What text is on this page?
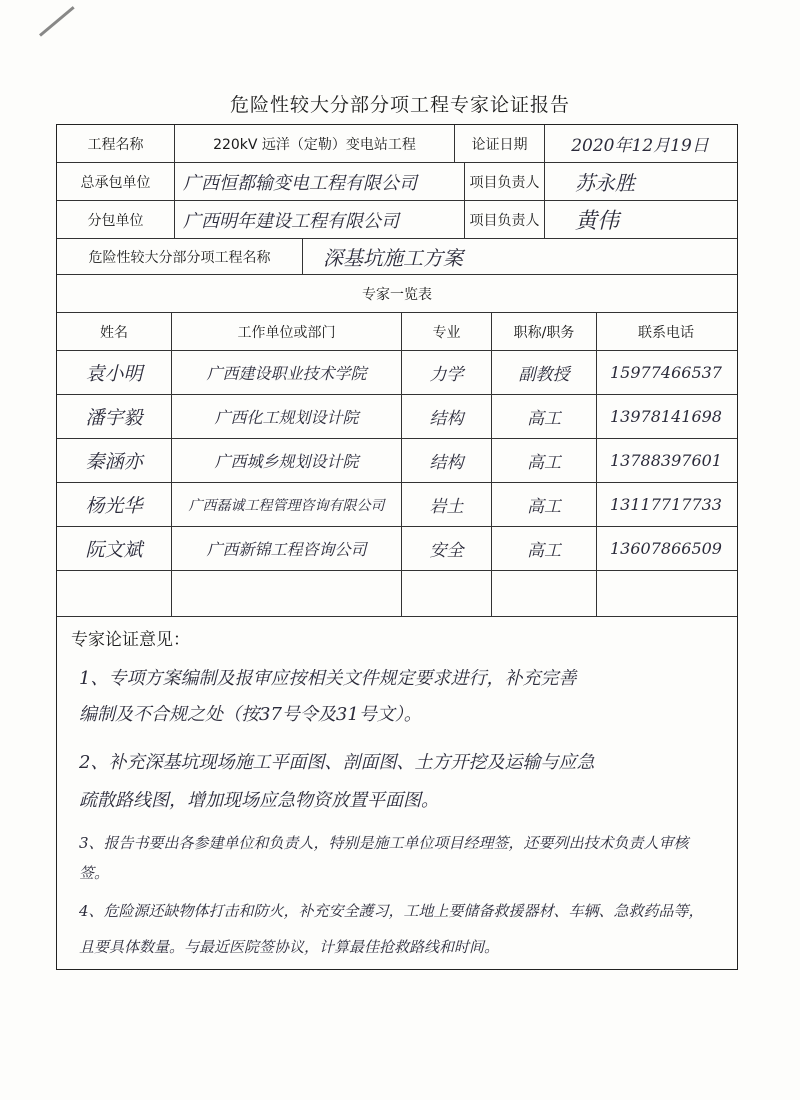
危险性较大分部分项工程专家论证报告
工程名称	220kV 远洋（定勒）变电站工程	论证日期	2020年12月19日
总承包单位	广西恒都输变电工程有限公司	项目负责人 苏永胜
分包单位	广西明年建设工程有限公司	项目负责人 黄伟
危险性较大分部分项工程名称	深基坑施工方案
专家一览表
姓名	工作单位或部门	专业	职称/职务	联系电话
袁小明	广西建设职业技术学院	力学	副教授	15977466537
潘宇毅	广西化工规划设计院	结构	高工	13978141698
秦涵亦	广西城乡规划设计院	结构	高工	13788397601
杨光华	广西磊诚工程管理咨询有限公司	岩土	高工	13117717733
阮文斌	广西新锦工程咨询公司	安全	高工	13607866509
专家论证意见：
1、专项方案编制及报审应按相关文件规定要求进行，补充完善
编制及不合规之处（按37号令及31号文）。
2、补充深基坑现场施工平面图、剖面图、土方开挖及运输与应急
疏散路线图，增加现场应急物资放置平面图。
3、报告书要出各参建单位和负责人，特别是施工单位项目经理签，还要列出技术负责人审核
签。
4、危险源还缺物体打击和防火，补充安全護习，工地上要储备救援器材、车辆、急救药品等，
且要具体数量。与最近医院签协议，计算最佳抢救路线和时间。
